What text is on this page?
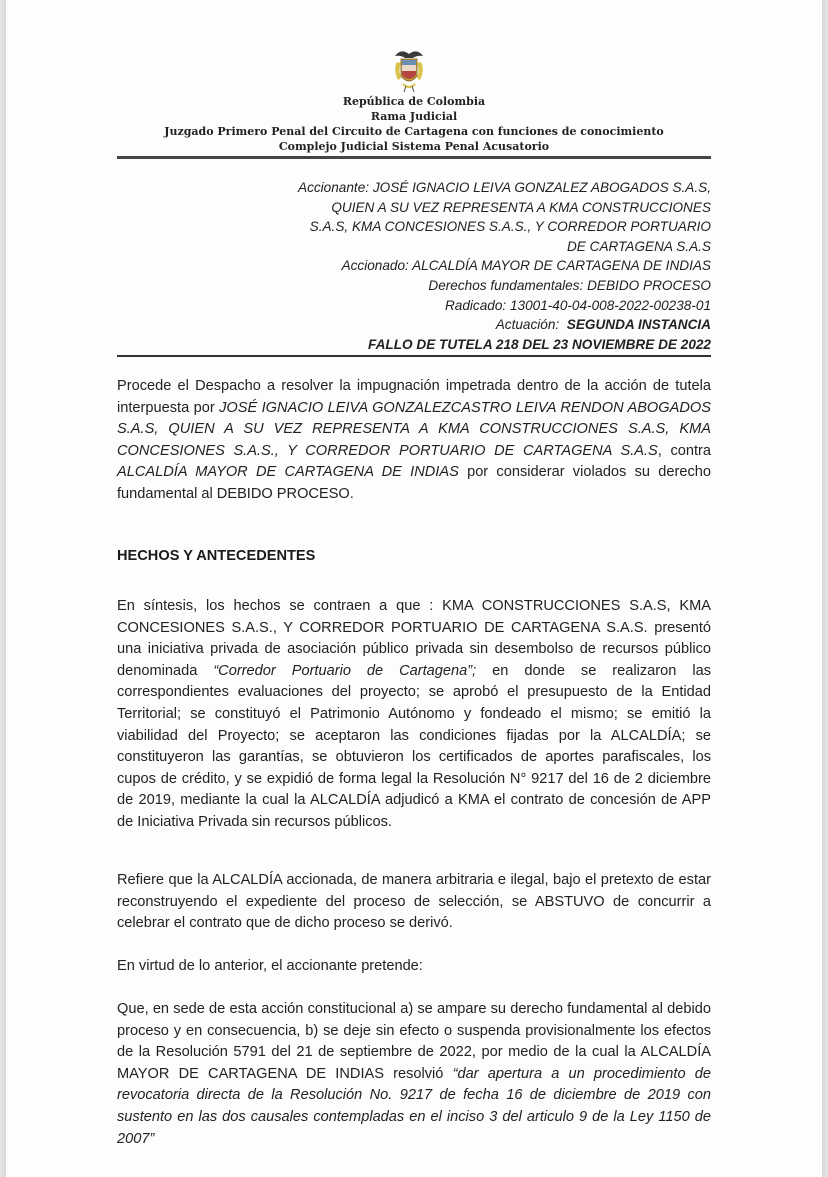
República de Colombia
Rama Judicial
Juzgado Primero Penal del Circuito de Cartagena con funciones de conocimiento
Complejo Judicial Sistema Penal Acusatorio
Accionante: JOSÉ IGNACIO LEIVA GONZALEZ ABOGADOS S.A.S,
QUIEN A SU VEZ REPRESENTA A KMA CONSTRUCCIONES
S.A.S, KMA CONCESIONES S.A.S., Y CORREDOR PORTUARIO
DE CARTAGENA S.A.S
Accionado: ALCALDÍA MAYOR DE CARTAGENA DE INDIAS
Derechos fundamentales: DEBIDO PROCESO
Radicado: 13001-40-04-008-2022-00238-01
Actuación: SEGUNDA INSTANCIA
FALLO DE TUTELA 218 DEL 23 NOVIEMBRE DE 2022

Procede el Despacho a resolver la impugnación impetrada dentro de la acción de tutela interpuesta por JOSÉ IGNACIO LEIVA GONZALEZCASTRO LEIVA RENDON ABOGADOS S.A.S, QUIEN A SU VEZ REPRESENTA A KMA CONSTRUCCIONES S.A.S, KMA CONCESIONES S.A.S., Y CORREDOR PORTUARIO DE CARTAGENA S.A.S, contra ALCALDÍA MAYOR DE CARTAGENA DE INDIAS por considerar violados su derecho fundamental al DEBIDO PROCESO.

HECHOS Y ANTECEDENTES

En síntesis, los hechos se contraen a que : KMA CONSTRUCCIONES S.A.S, KMA CONCESIONES S.A.S., Y CORREDOR PORTUARIO DE CARTAGENA S.A.S. presentó una iniciativa privada de asociación público privada sin desembolso de recursos público denominada “Corredor Portuario de Cartagena”; en donde se realizaron las correspondientes evaluaciones del proyecto; se aprobó el presupuesto de la Entidad Territorial; se constituyó el Patrimonio Autónomo y fondeado el mismo; se emitió la viabilidad del Proyecto; se aceptaron las condiciones fijadas por la ALCALDÍA; se constituyeron las garantías, se obtuvieron los certificados de aportes parafiscales, los cupos de crédito, y se expidió de forma legal la Resolución N° 9217 del 16 de 2 diciembre de 2019, mediante la cual la ALCALDÍA adjudicó a KMA el contrato de concesión de APP de Iniciativa Privada sin recursos públicos.

Refiere que la ALCALDÍA accionada, de manera arbitraria e ilegal, bajo el pretexto de estar reconstruyendo el expediente del proceso de selección, se ABSTUVO de concurrir a celebrar el contrato que de dicho proceso se derivó.

En virtud de lo anterior, el accionante pretende:

Que, en sede de esta acción constitucional a) se ampare su derecho fundamental al debido proceso y en consecuencia, b) se deje sin efecto o suspenda provisionalmente los efectos de la Resolución 5791 del 21 de septiembre de 2022, por medio de la cual la ALCALDÍA MAYOR DE CARTAGENA DE INDIAS resolvió “dar apertura a un procedimiento de revocatoria directa de la Resolución No. 9217 de fecha 16 de diciembre de 2019 con sustento en las dos causales contempladas en el inciso 3 del articulo 9 de la Ley 1150 de 2007”
